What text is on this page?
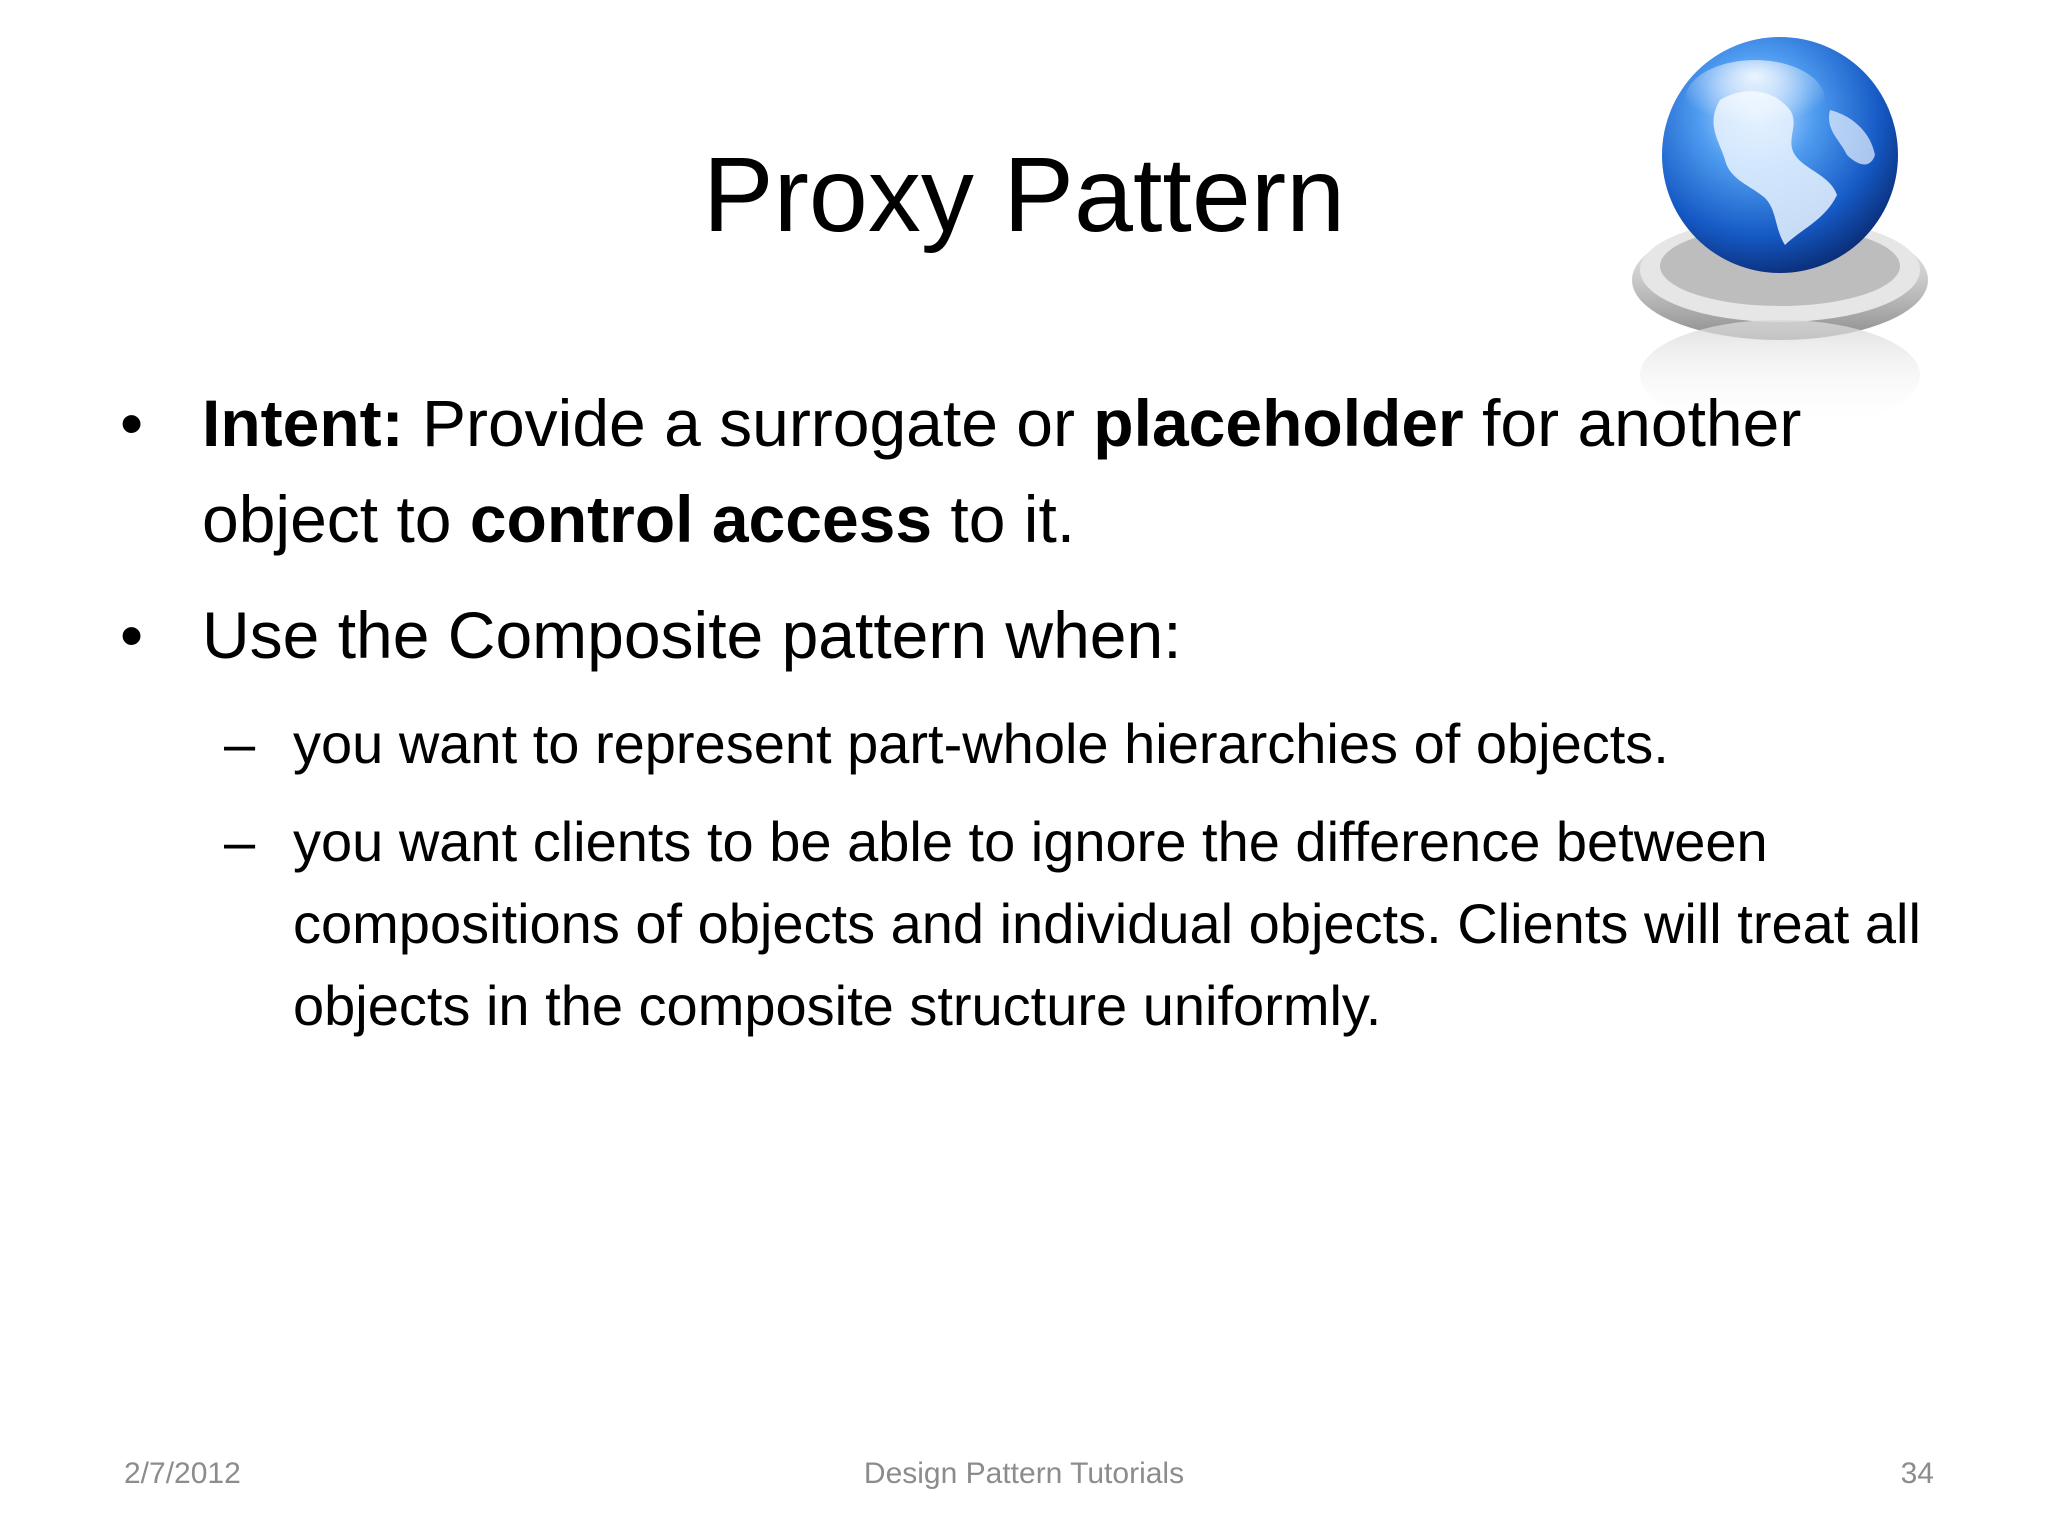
Proxy Pattern
• Intent: Provide a surrogate or placeholder for another object to control access to it.
• Use the Composite pattern when:
– you want to represent part-whole hierarchies of objects.
– you want clients to be able to ignore the difference between compositions of objects and individual objects. Clients will treat all objects in the composite structure uniformly.
2/7/2012	Design Pattern Tutorials	34
